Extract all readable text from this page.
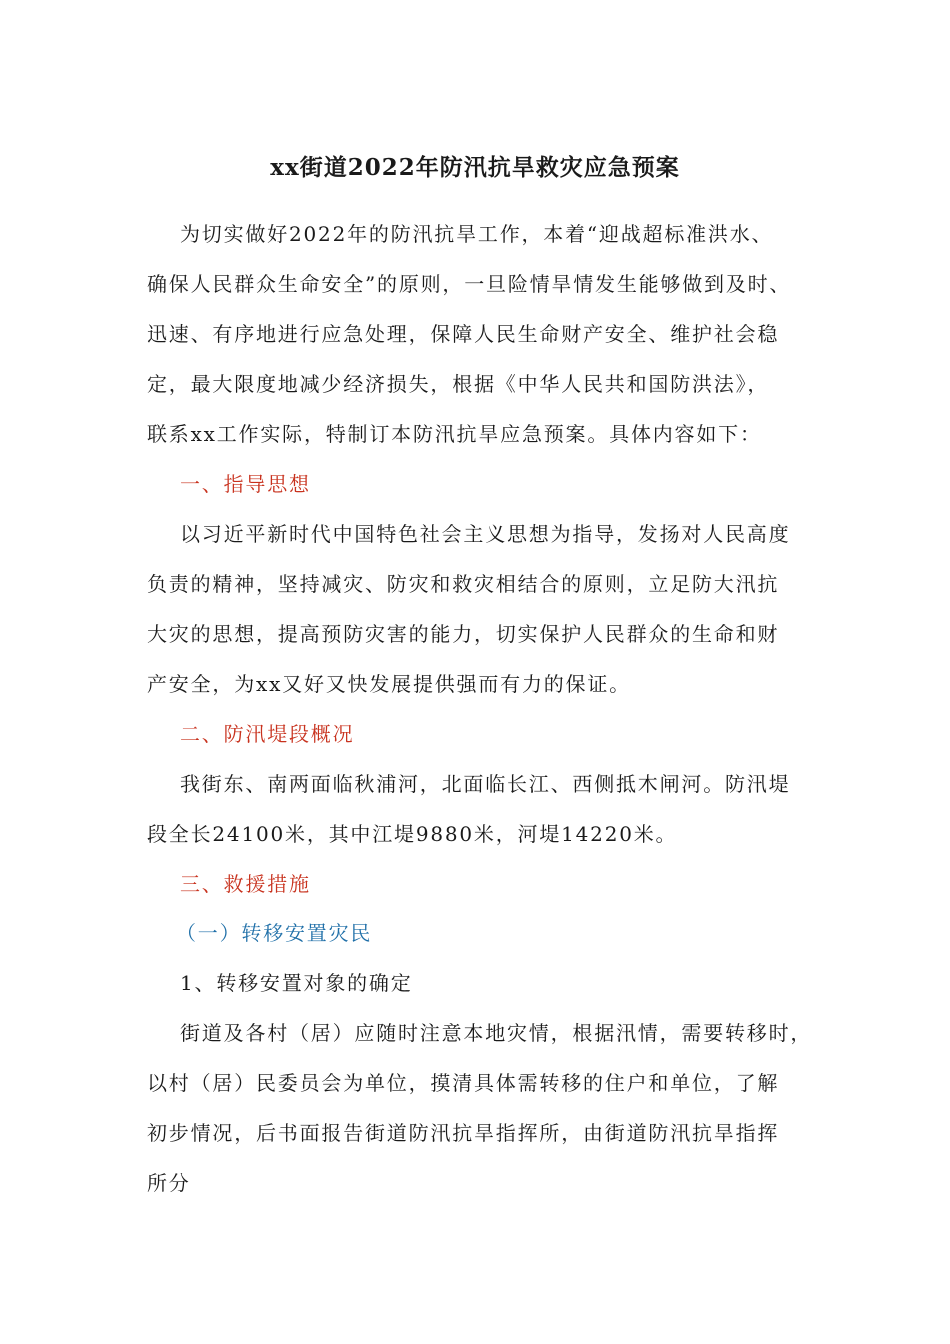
xx街道2022年防汛抗旱救灾应急预案
为切实做好2022年的防汛抗旱工作，本着“迎战超标准洪水、
确保人民群众生命安全”的原则，一旦险情旱情发生能够做到及时、
迅速、有序地进行应急处理，保障人民生命财产安全、维护社会稳
定，最大限度地减少经济损失，根据《中华人民共和国防洪法》，
联系xx工作实际，特制订本防汛抗旱应急预案。具体内容如下：
一、指导思想
以习近平新时代中国特色社会主义思想为指导，发扬对人民高度
负责的精神，坚持减灾、防灾和救灾相结合的原则，立足防大汛抗
大灾的思想，提高预防灾害的能力，切实保护人民群众的生命和财
产安全，为xx又好又快发展提供强而有力的保证。
二、防汛堤段概况
我街东、南两面临秋浦河，北面临长江、西侧抵木闸河。防汛堤
段全长24100米，其中江堤9880米，河堤14220米。
三、救援措施
（一）转移安置灾民
1、转移安置对象的确定
街道及各村（居）应随时注意本地灾情，根据汛情，需要转移时，
以村（居）民委员会为单位，摸清具体需转移的住户和单位，了解
初步情况，后书面报告街道防汛抗旱指挥所，由街道防汛抗旱指挥
所分
